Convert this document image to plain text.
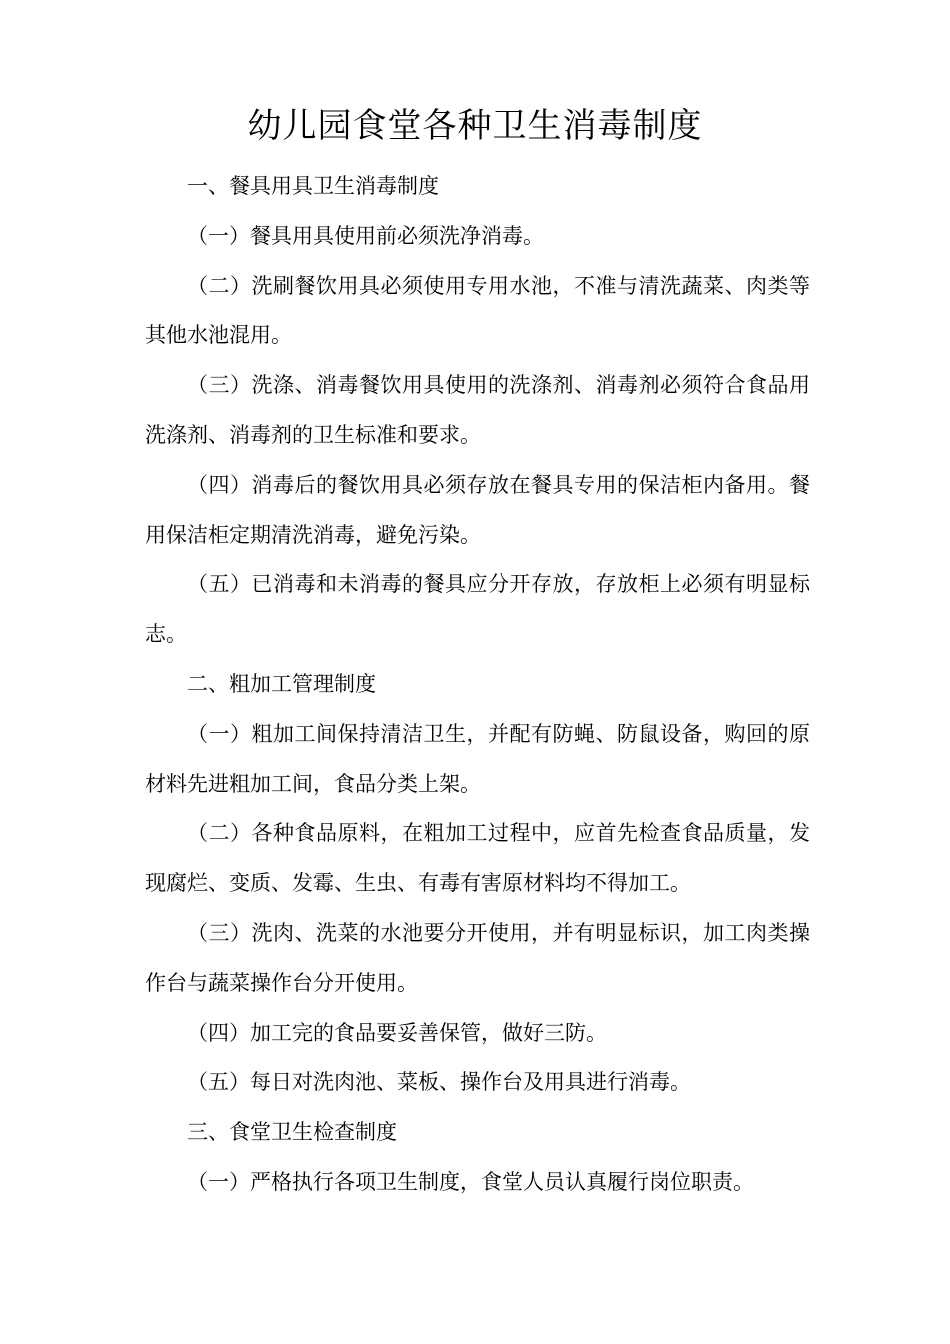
幼儿园食堂各种卫生消毒制度

一、餐具用具卫生消毒制度

（一）餐具用具使用前必须洗净消毒。

（二）洗刷餐饮用具必须使用专用水池，不准与清洗蔬菜、肉类等其他水池混用。

（三）洗涤、消毒餐饮用具使用的洗涤剂、消毒剂必须符合食品用洗涤剂、消毒剂的卫生标准和要求。

（四）消毒后的餐饮用具必须存放在餐具专用的保洁柜内备用。餐用保洁柜定期清洗消毒，避免污染。

（五）已消毒和未消毒的餐具应分开存放，存放柜上必须有明显标志。

二、粗加工管理制度

（一）粗加工间保持清洁卫生，并配有防蝇、防鼠设备，购回的原材料先进粗加工间，食品分类上架。

（二）各种食品原料，在粗加工过程中，应首先检查食品质量，发现腐烂、变质、发霉、生虫、有毒有害原材料均不得加工。

（三）洗肉、洗菜的水池要分开使用，并有明显标识，加工肉类操作台与蔬菜操作台分开使用。

（四）加工完的食品要妥善保管，做好三防。

（五）每日对洗肉池、菜板、操作台及用具进行消毒。

三、食堂卫生检查制度

（一）严格执行各项卫生制度，食堂人员认真履行岗位职责。
